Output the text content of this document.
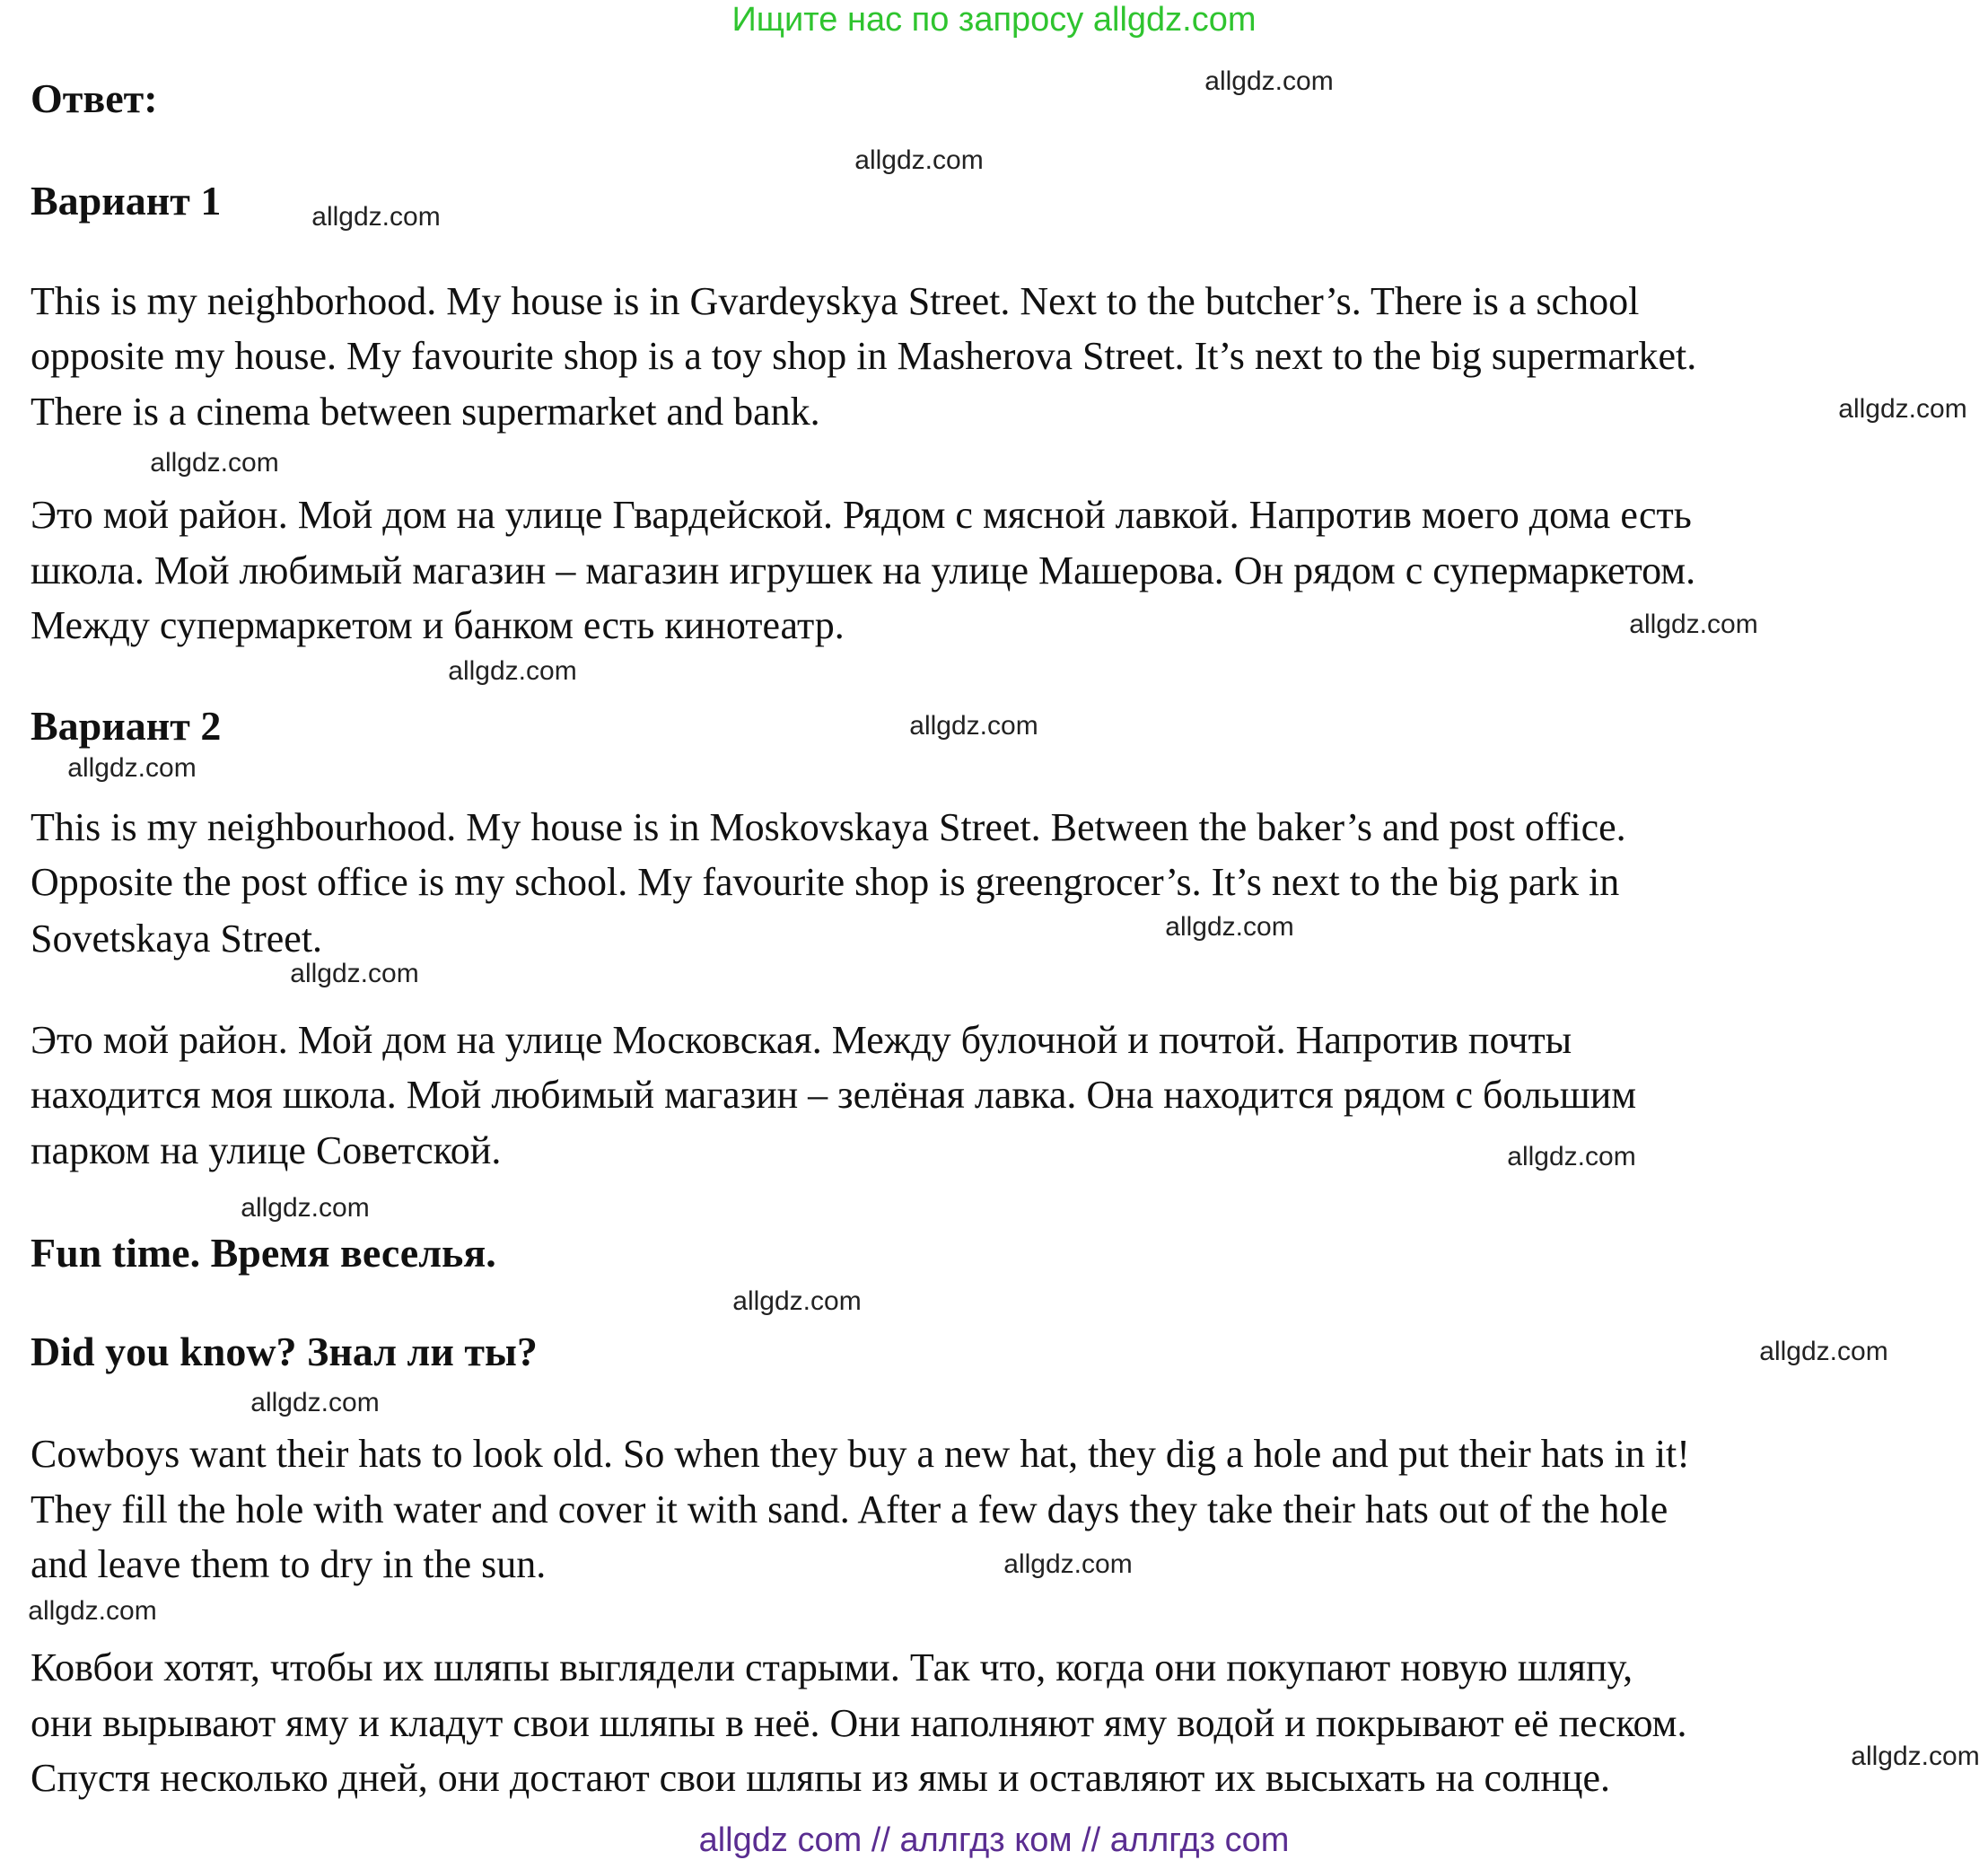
Ищите нас по запросу allgdz.com
Ответ:
Вариант 1
This is my neighborhood. My house is in Gvardeyskya Street. Next to the butcher’s. There is a school
opposite my house. My favourite shop is a toy shop in Masherova Street. It’s next to the big supermarket.
There is a cinema between supermarket and bank.
Это мой район. Мой дом на улице Гвардейской. Рядом с мясной лавкой. Напротив моего дома есть
школа. Мой любимый магазин – магазин игрушек на улице Машерова. Он рядом с супермаркетом.
Между супермаркетом и банком есть кинотеатр.
Вариант 2
This is my neighbourhood. My house is in Moskovskaya Street. Between the baker’s and post office.
Opposite the post office is my school. My favourite shop is greengrocer’s. It’s next to the big park in
Sovetskaya Street.
Это мой район. Мой дом на улице Московская. Между булочной и почтой. Напротив почты
находится моя школа. Мой любимый магазин – зелёная лавка. Она находится рядом с большим
парком на улице Советской.
Fun time. Время веселья.
Did you know? Знал ли ты?
Cowboys want their hats to look old. So when they buy a new hat, they dig a hole and put their hats in it!
They fill the hole with water and cover it with sand. After a few days they take their hats out of the hole
and leave them to dry in the sun.
Ковбои хотят, чтобы их шляпы выглядели старыми. Так что, когда они покупают новую шляпу,
они вырывают яму и кладут свои шляпы в неё. Они наполняют яму водой и покрывают её песком.
Спустя несколько дней, они достают свои шляпы из ямы и оставляют их высыхать на солнце.
allgdz.com
allgdz.com
allgdz.com
allgdz.com
allgdz.com
allgdz.com
allgdz.com
allgdz.com
allgdz.com
allgdz.com
allgdz.com
allgdz.com
allgdz.com
allgdz.com
allgdz.com
allgdz.com
allgdz.com
allgdz.com
allgdz.com
allgdz com // аллгдз ком // аллгдз com
